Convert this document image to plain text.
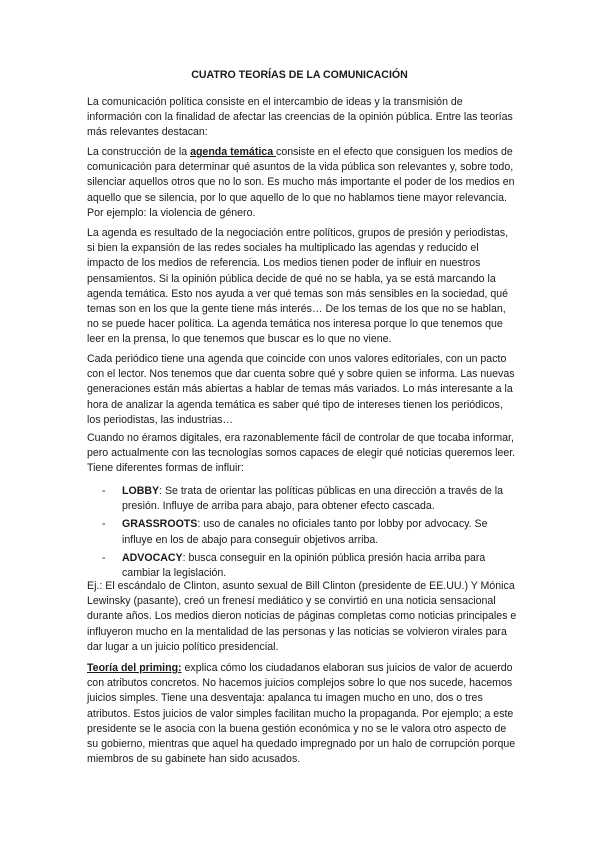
CUATRO TEORÍAS DE LA COMUNICACIÓN
La comunicación política consiste en el intercambio de ideas y la transmisión de información con la finalidad de afectar las creencias de la opinión pública. Entre las teorías más relevantes destacan:
La construcción de la agenda temática consiste en el efecto que consiguen los medios de comunicación para determinar qué asuntos de la vida pública son relevantes y, sobre todo, silenciar aquellos otros que no lo son. Es mucho más importante el poder de los medios en aquello que se silencia, por lo que aquello de lo que no hablamos tiene mayor relevancia. Por ejemplo: la violencia de género.
La agenda es resultado de la negociación entre políticos, grupos de presión y periodistas, si bien la expansión de las redes sociales ha multiplicado las agendas y reducido el impacto de los medios de referencia. Los medios tienen poder de influir en nuestros pensamientos. Si la opinión pública decide de qué no se habla, ya se está marcando la agenda temática. Esto nos ayuda a ver qué temas son más sensibles en la sociedad, qué temas son en los que la gente tiene más interés… De los temas de los que no se hablan, no se puede hacer política. La agenda temática nos interesa porque lo que tenemos que leer en la prensa, lo que tenemos que buscar es lo que no viene.
Cada periódico tiene una agenda que coincide con unos valores editoriales, con un pacto con el lector. Nos tenemos que dar cuenta sobre qué y sobre quien se informa. Las nuevas generaciones están más abiertas a hablar de temas más variados. Lo más interesante a la hora de analizar la agenda temática es saber qué tipo de intereses tienen los periódicos, los periodistas, las industrias…
Cuando no éramos digitales, era razonablemente fácil de controlar de que tocaba informar, pero actualmente con las tecnologías somos capaces de elegir qué noticias queremos leer. Tiene diferentes formas de influir:
- LOBBY: Se trata de orientar las políticas públicas en una dirección a través de la presión. Influye de arriba para abajo, para obtener efecto cascada.
- GRASSROOTS: uso de canales no oficiales tanto por lobby por advocacy. Se influye en los de abajo para conseguir objetivos arriba.
- ADVOCACY: busca conseguir en la opinión pública presión hacia arriba para cambiar la legislación.
Ej.: El escándalo de Clinton, asunto sexual de Bill Clinton (presidente de EE.UU.) Y Mónica Lewinsky (pasante), creó un frenesí mediático y se convirtió en una noticia sensacional durante años. Los medios dieron noticias de páginas completas como noticias principales e influyeron mucho en la mentalidad de las personas y las noticias se volvieron virales para dar lugar a un juicio político presidencial.
Teoría del priming: explica cómo los ciudadanos elaboran sus juicios de valor de acuerdo con atributos concretos. No hacemos juicios complejos sobre lo que nos sucede, hacemos juicios simples. Tiene una desventaja: apalanca tu imagen mucho en uno, dos o tres atributos. Estos juicios de valor simples facilitan mucho la propaganda. Por ejemplo; a este presidente se le asocia con la buena gestión económica y no se le valora otro aspecto de su gobierno, mientras que aquel ha quedado impregnado por un halo de corrupción porque miembros de su gabinete han sido acusados.
